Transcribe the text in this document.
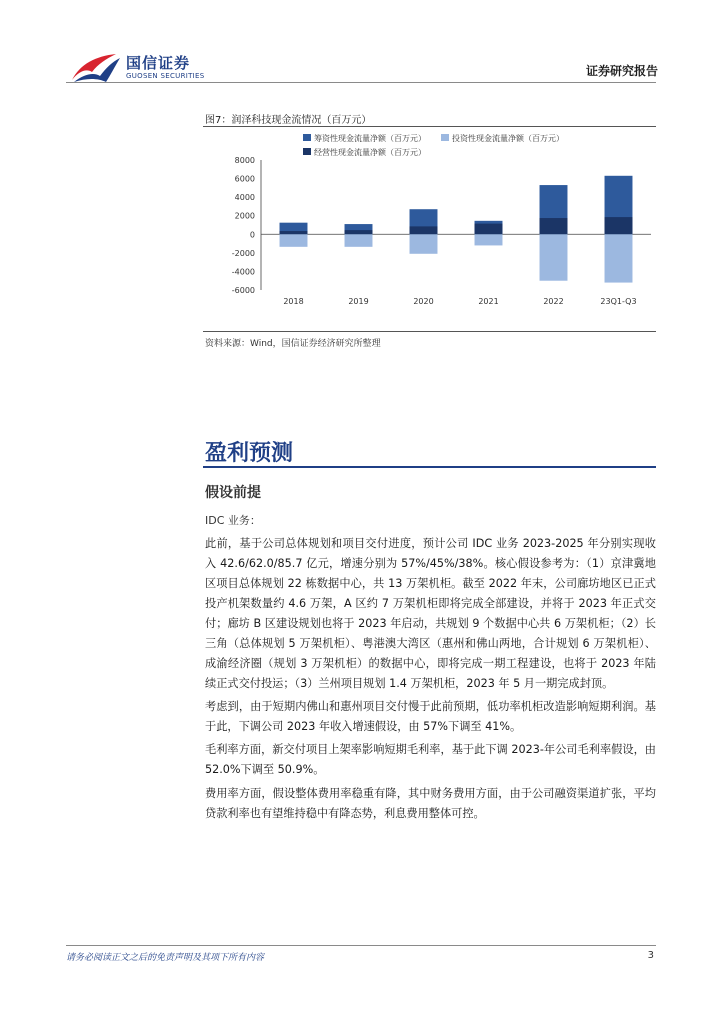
国信证券
GUOSEN SECURITIES	证券研究报告
图7：润泽科技现金流情况（百万元）
筹资性现金流量净额（百万元）	投资性现金流量净额（百万元）
经营性现金流量净额（百万元）
-6000
-4000
-2000
0
2000
4000
6000
8000
2018	2019	2020	2021	2022	23Q1-Q3
资料来源：Wind，国信证券经济研究所整理
盈利预测
假设前提
IDC 业务：

此前，基于公司总体规划和项目交付进度，预计公司 IDC 业务 2023-2025 年分别实现收入 42.6/62.0/85.7 亿元，增速分别为 57%/45%/38%。核心假设参考为：（1）京津冀地区项目总体规划 22 栋数据中心，共 13 万架机柜。截至 2022 年末，公司廊坊地区已正式投产机架数量约 4.6 万架，A 区约 7 万架机柜即将完成全部建设，并将于 2023 年正式交付；廊坊 B 区建设规划也将于 2023 年启动，共规划 9 个数据中心共 6 万架机柜；（2）长三角（总体规划 5 万架机柜）、粤港澳大湾区（惠州和佛山两地，合计规划 6 万架机柜）、成渝经济圈（规划 3 万架机柜）的数据中心，即将完成一期工程建设，也将于 2023 年陆续正式交付投运；（3）兰州项目规划 1.4 万架机柜，2023 年 5 月一期完成封顶。

考虑到，由于短期内佛山和惠州项目交付慢于此前预期，低功率机柜改造影响短期利润。基于此，下调公司 2023 年收入增速假设，由 57%下调至 41%。

毛利率方面，新交付项目上架率影响短期毛利率，基于此下调 2023-年公司毛利率假设，由 52.0%下调至 50.9%。

费用率方面，假设整体费用率稳重有降，其中财务费用方面，由于公司融资渠道扩张，平均贷款利率也有望维持稳中有降态势，利息费用整体可控。

请务必阅读正文之后的免责声明及其项下所有内容	3
